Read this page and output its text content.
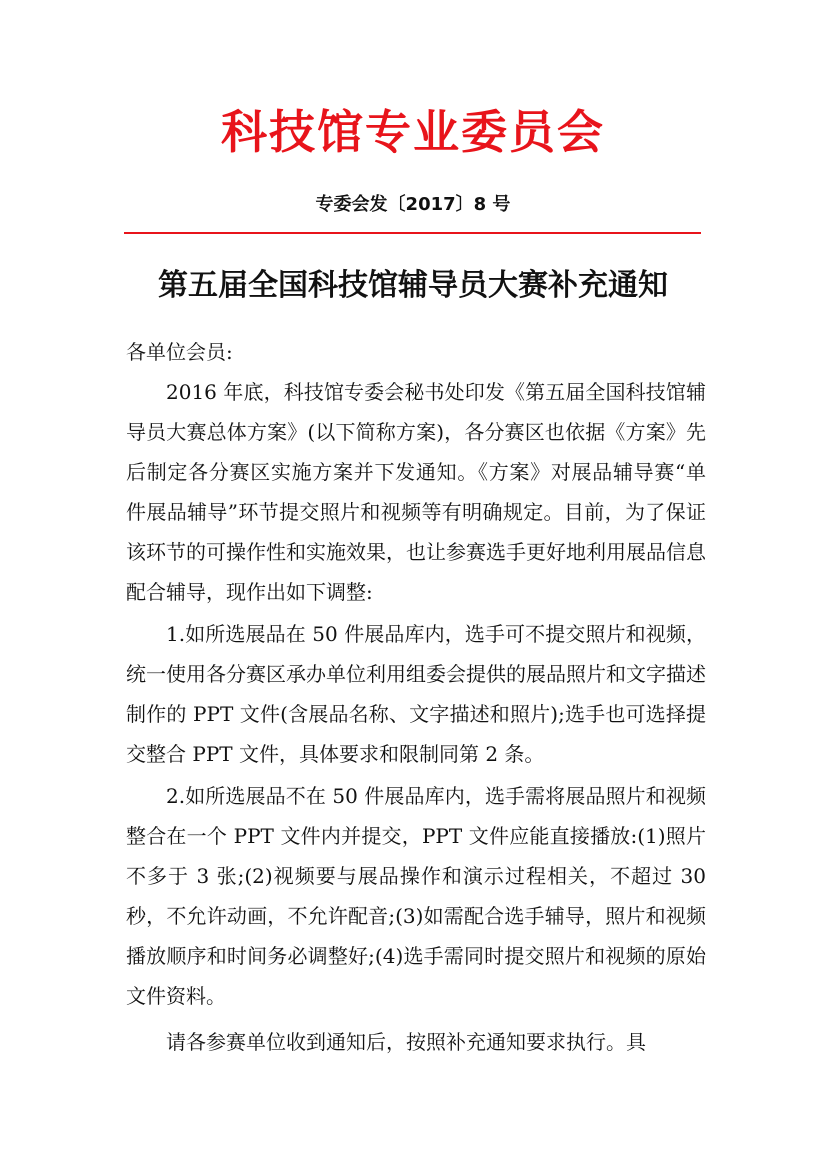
科技馆专业委员会
专委会发〔2017〕8 号
第五届全国科技馆辅导员大赛补充通知

各单位会员:

2016 年底，科技馆专委会秘书处印发《第五届全国科技馆辅导员大赛总体方案》(以下简称方案)，各分赛区也依据《方案》先后制定各分赛区实施方案并下发通知。《方案》对展品辅导赛“单件展品辅导”环节提交照片和视频等有明确规定。目前，为了保证该环节的可操作性和实施效果，也让参赛选手更好地利用展品信息配合辅导，现作出如下调整:

1.如所选展品在 50 件展品库内，选手可不提交照片和视频，统一使用各分赛区承办单位利用组委会提供的展品照片和文字描述制作的 PPT 文件(含展品名称、文字描述和照片);选手也可选择提交整合 PPT 文件，具体要求和限制同第 2 条。

2.如所选展品不在 50 件展品库内，选手需将展品照片和视频整合在一个 PPT 文件内并提交，PPT 文件应能直接播放:(1)照片不多于 3 张;(2)视频要与展品操作和演示过程相关，不超过 30 秒，不允许动画，不允许配音;(3)如需配合选手辅导，照片和视频播放顺序和时间务必调整好;(4)选手需同时提交照片和视频的原始文件资料。

请各参赛单位收到通知后，按照补充通知要求执行。具
